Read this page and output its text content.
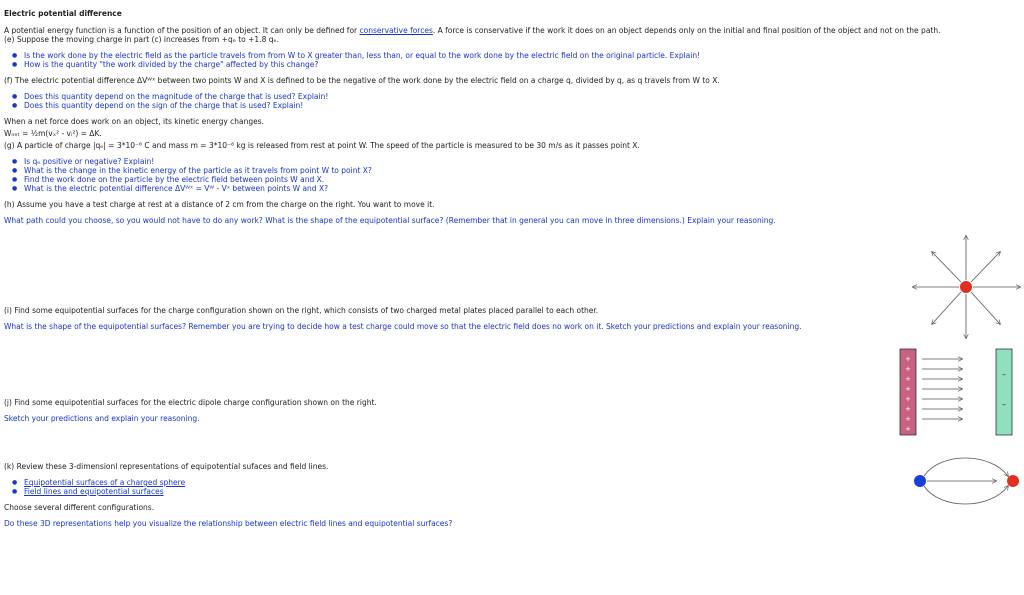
Electric potential difference

A potential energy function is a function of the position of an object. It can only be defined for conservative forces. A force is conservative if the work it does on an object depends only on the initial and final position of the object and not on the path.

(e) Suppose the moving charge in part (c) increases from +qₑ to +1.8 qₑ.

● Is the work done by the electric field as the particle travels from from W to X greater than, less than, or equal to the work done by the electric field on the original particle. Explain!
● How is the quantity "the work divided by the charge" affected by this change?

(f) The electric potential difference ΔVᵂˣ between two points W and X is defined to be the negative of the work done by the electric field on a charge q, divided by q, as q travels from W to X.

● Does this quantity depend on the magnitude of the charge that is used? Explain!
● Does this quantity depend on the sign of the charge that is used? Explain!

When a net force does work on an object, its kinetic energy changes.

Wₙₑₜ = ½m(vₓ² - vᵢ²) = ΔK.

(g) A particle of charge |qₑ| = 3*10⁻⁶ C and mass m = 3*10⁻⁸ kg is released from rest at point W. The speed of the particle is measured to be 30 m/s as it passes point X.

● Is qₑ positive or negative? Explain!
● What is the change in the kinetic energy of the particle as it travels from point W to point X?
● Find the work done on the particle by the electric field between points W and X.
● What is the electric potential difference ΔVᵂˣ = Vᵂ - Vˣ between points W and X?

(h) Assume you have a test charge at rest at a distance of 2 cm from the charge on the right. You want to move it.

What path could you choose, so you would not have to do any work? What is the shape of the equipotential surface? (Remember that in general you can move in three dimensions.) Explain your reasoning.

(i) Find some equipotential surfaces for the charge configuration shown on the right, which consists of two charged metal plates placed parallel to each other.

What is the shape of the equipotential surfaces? Remember you are trying to decide how a test charge could move so that the electric field does no work on it. Sketch your predictions and explain your reasoning.

(j) Find some equipotential surfaces for the electric dipole charge configuration shown on the right.

Sketch your predictions and explain your reasoning.

(k) Review these 3-dimensionl representations of equipotential sufaces and field lines.

● Equipotential surfaces of a charged sphere
● Field lines and equipotential surfaces

Choose several different configurations.

Do these 3D representations help you visualize the relationship between electric field lines and equipotential surfaces?

+
+
+
+
+
+
+
+
–
–
